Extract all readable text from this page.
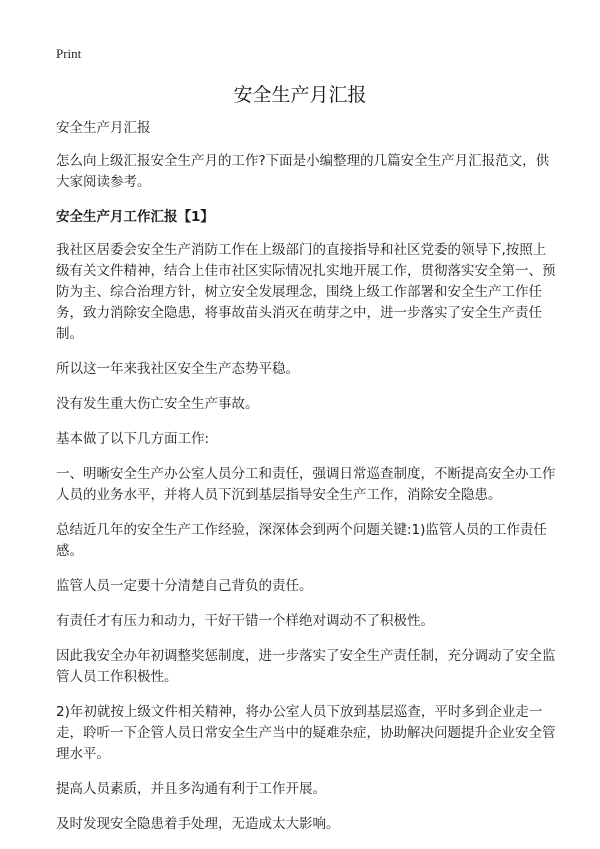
Print
安全生产月汇报

安全生产月汇报

怎么向上级汇报安全生产月的工作?下面是小编整理的几篇安全生产月汇报范文，供大家阅读参考。

安全生产月工作汇报【1】

我社区居委会安全生产消防工作在上级部门的直接指导和社区党委的领导下,按照上级有关文件精神，结合上佳市社区实际情况扎实地开展工作，贯彻落实安全第一、预防为主、综合治理方针，树立安全发展理念，围绕上级工作部署和安全生产工作任务，致力消除安全隐患，将事故苗头消灭在萌芽之中，进一步落实了安全生产责任制。

所以这一年来我社区安全生产态势平稳。

没有发生重大伤亡安全生产事故。

基本做了以下几方面工作:

一、明晰安全生产办公室人员分工和责任，强调日常巡查制度，不断提高安全办工作人员的业务水平，并将人员下沉到基层指导安全生产工作，消除安全隐患。

总结近几年的安全生产工作经验，深深体会到两个问题关键:1)监管人员的工作责任感。

监管人员一定要十分清楚自己背负的责任。

有责任才有压力和动力，干好干错一个样绝对调动不了积极性。

因此我安全办年初调整奖惩制度，进一步落实了安全生产责任制，充分调动了安全监管人员工作积极性。

2)年初就按上级文件相关精神，将办公室人员下放到基层巡查，平时多到企业走一走，聆听一下企管人员日常安全生产当中的疑难杂症，协助解决问题提升企业安全管理水平。

提高人员素质，并且多沟通有利于工作开展。

及时发现安全隐患着手处理，无造成太大影响。
